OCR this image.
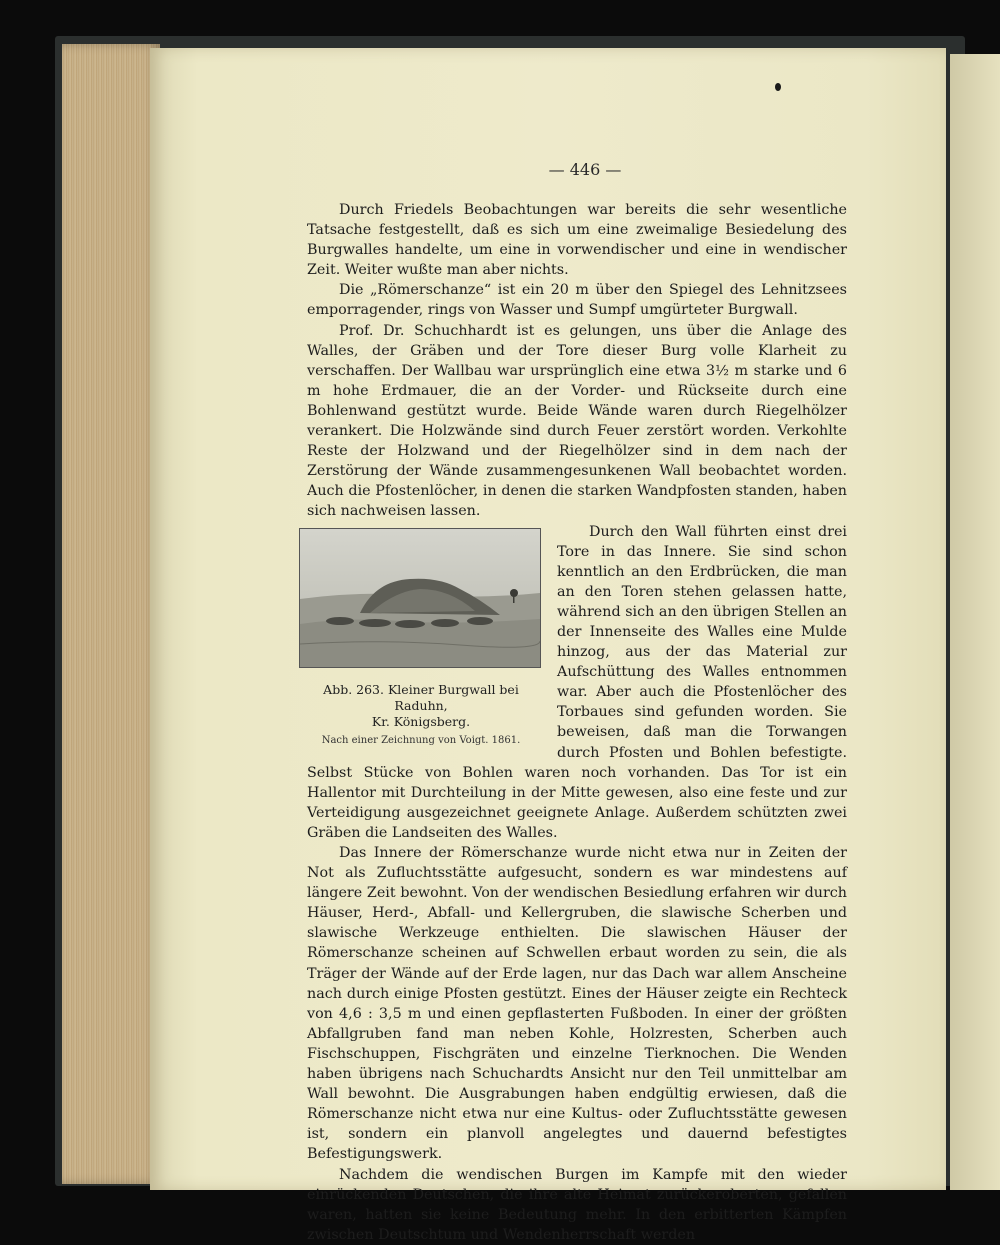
— 446 —

Durch Friedels Beobachtungen war bereits die sehr wesentliche Tatsache festgestellt, daß es sich um eine zweimalige Besiedelung des Burgwalles handelte, um eine in vorwendischer und eine in wendischer Zeit. Weiter wußte man aber nichts.

Die „Römerschanze“ ist ein 20 m über den Spiegel des Lehnitzsees emporragender, rings von Wasser und Sumpf umgürteter Burgwall.

Prof. Dr. Schuchhardt ist es gelungen, uns über die Anlage des Walles, der Gräben und der Tore dieser Burg volle Klarheit zu verschaffen. Der Wallbau war ursprünglich eine etwa 3½ m starke und 6 m hohe Erdmauer, die an der Vorder- und Rückseite durch eine Bohlenwand gestützt wurde. Beide Wände waren durch Riegelhölzer verankert. Die Holzwände sind durch Feuer zerstört worden. Verkohlte Reste der Holzwand und der Riegelhölzer sind in dem nach der Zerstörung der Wände zusammengesunkenen Wall beobachtet worden. Auch die Pfostenlöcher, in denen die starken Wandpfosten standen, haben sich nachweisen lassen.

Abb. 263. Kleiner Burgwall bei Raduhn,
Kr. Königsberg.
Nach einer Zeichnung von Voigt. 1861.

Durch den Wall führten einst drei Tore in das Innere. Sie sind schon kenntlich an den Erdbrücken, die man an den Toren stehen gelassen hatte, während sich an den übrigen Stellen an der Innenseite des Walles eine Mulde hinzog, aus der das Material zur Aufschüttung des Walles entnommen war. Aber auch die Pfostenlöcher des Torbaues sind gefunden worden. Sie beweisen, daß man die Torwangen durch Pfosten und Bohlen befestigte. Selbst Stücke von Bohlen waren noch vorhanden. Das Tor ist ein Hallentor mit Durchteilung in der Mitte gewesen, also eine feste und zur Verteidigung ausgezeichnet geeignete Anlage. Außerdem schützten zwei Gräben die Landseiten des Walles.

Das Innere der Römerschanze wurde nicht etwa nur in Zeiten der Not als Zufluchtsstätte aufgesucht, sondern es war mindestens auf längere Zeit bewohnt. Von der wendischen Besiedlung erfahren wir durch Häuser, Herd-, Abfall- und Kellergruben, die slawische Scherben und slawische Werkzeuge enthielten. Die slawischen Häuser der Römerschanze scheinen auf Schwellen erbaut worden zu sein, die als Träger der Wände auf der Erde lagen, nur das Dach war allem Anscheine nach durch einige Pfosten gestützt. Eines der Häuser zeigte ein Rechteck von 4,6 : 3,5 m und einen gepflasterten Fußboden. In einer der größten Abfallgruben fand man neben Kohle, Holzresten, Scherben auch Fischschuppen, Fischgräten und einzelne Tierknochen. Die Wenden haben übrigens nach Schuchardts Ansicht nur den Teil unmittelbar am Wall bewohnt. Die Ausgrabungen haben endgültig erwiesen, daß die Römerschanze nicht etwa nur eine Kultus- oder Zufluchtsstätte gewesen ist, sondern ein planvoll angelegtes und dauernd befestigtes Befestigungswerk.

Nachdem die wendischen Burgen im Kampfe mit den wieder einrückenden Deutschen, die ihre alte Heimat zurückeroberten, gefallen waren, hatten sie keine Bedeutung mehr. In den erbitterten Kämpfen zwischen Deutschtum und Wendenherrschaft werden
